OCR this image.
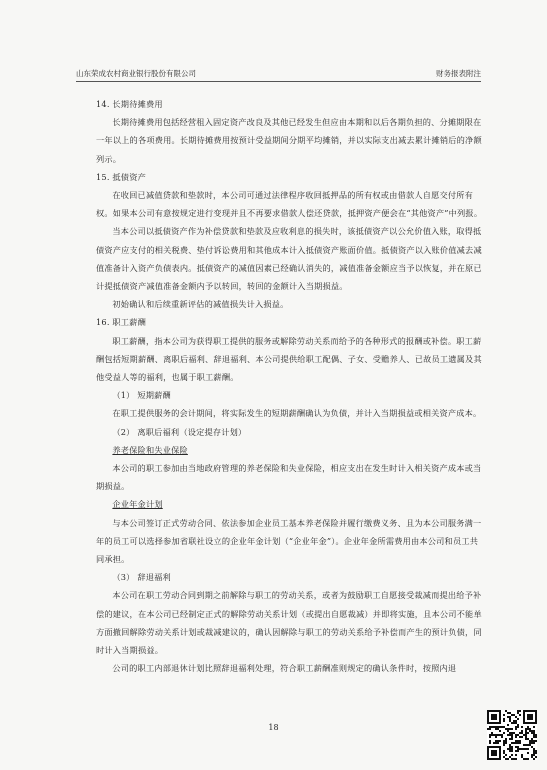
山东荣成农村商业银行股份有限公司	财务报表附注

14. 长期待摊费用

长期待摊费用包括经营租入固定资产改良及其他已经发生但应由本期和以后各期负担的、分摊期限在一年以上的各项费用。长期待摊费用按预计受益期间分期平均摊销，并以实际支出减去累计摊销后的净额列示。

15. 抵债资产

在收回已减值贷款和垫款时，本公司可通过法律程序收回抵押品的所有权或由借款人自愿交付所有权。如果本公司有意按规定进行变现并且不再要求借款人偿还贷款，抵押资产便会在“其他资产”中列报。

当本公司以抵债资产作为补偿贷款和垫款及应收利息的损失时，该抵债资产以公允价值入账，取得抵债资产应支付的相关税费、垫付诉讼费用和其他成本计入抵债资产账面价值。抵债资产以入账价值减去减值准备计入资产负债表内。抵债资产的减值因素已经确认消失的，减值准备金额应当予以恢复，并在原已计提抵债资产减值准备金额内予以转回，转回的金额计入当期损益。

初始确认和后续重新评估的减值损失计入损益。

16. 职工薪酬

职工薪酬，指本公司为获得职工提供的服务或解除劳动关系而给予的各种形式的报酬或补偿。职工薪酬包括短期薪酬、离职后福利、辞退福利、本公司提供给职工配偶、子女、受赡养人、已故员工遗属及其他受益人等的福利，也属于职工薪酬。

（1） 短期薪酬

在职工提供服务的会计期间，将实际发生的短期薪酬确认为负债，并计入当期损益或相关资产成本。

（2） 离职后福利（设定提存计划）

养老保险和失业保险

本公司的职工参加由当地政府管理的养老保险和失业保险，相应支出在发生时计入相关资产成本或当期损益。

企业年金计划

与本公司签订正式劳动合同、依法参加企业员工基本养老保险并履行缴费义务、且为本公司服务满一年的员工可以选择参加省联社设立的企业年金计划（“企业年金”）。企业年金所需费用由本公司和员工共同承担。

（3） 辞退福利

本公司在职工劳动合同到期之前解除与职工的劳动关系，或者为鼓励职工自愿接受裁减而提出给予补偿的建议，在本公司已经制定正式的解除劳动关系计划（或提出自愿裁减）并即将实施，且本公司不能单方面撤回解除劳动关系计划或裁减建议的，确认因解除与职工的劳动关系给予补偿而产生的预计负债，同时计入当期损益。

公司的职工内部退休计划比照辞退福利处理，符合职工薪酬准则规定的确认条件时，按照内退

18
